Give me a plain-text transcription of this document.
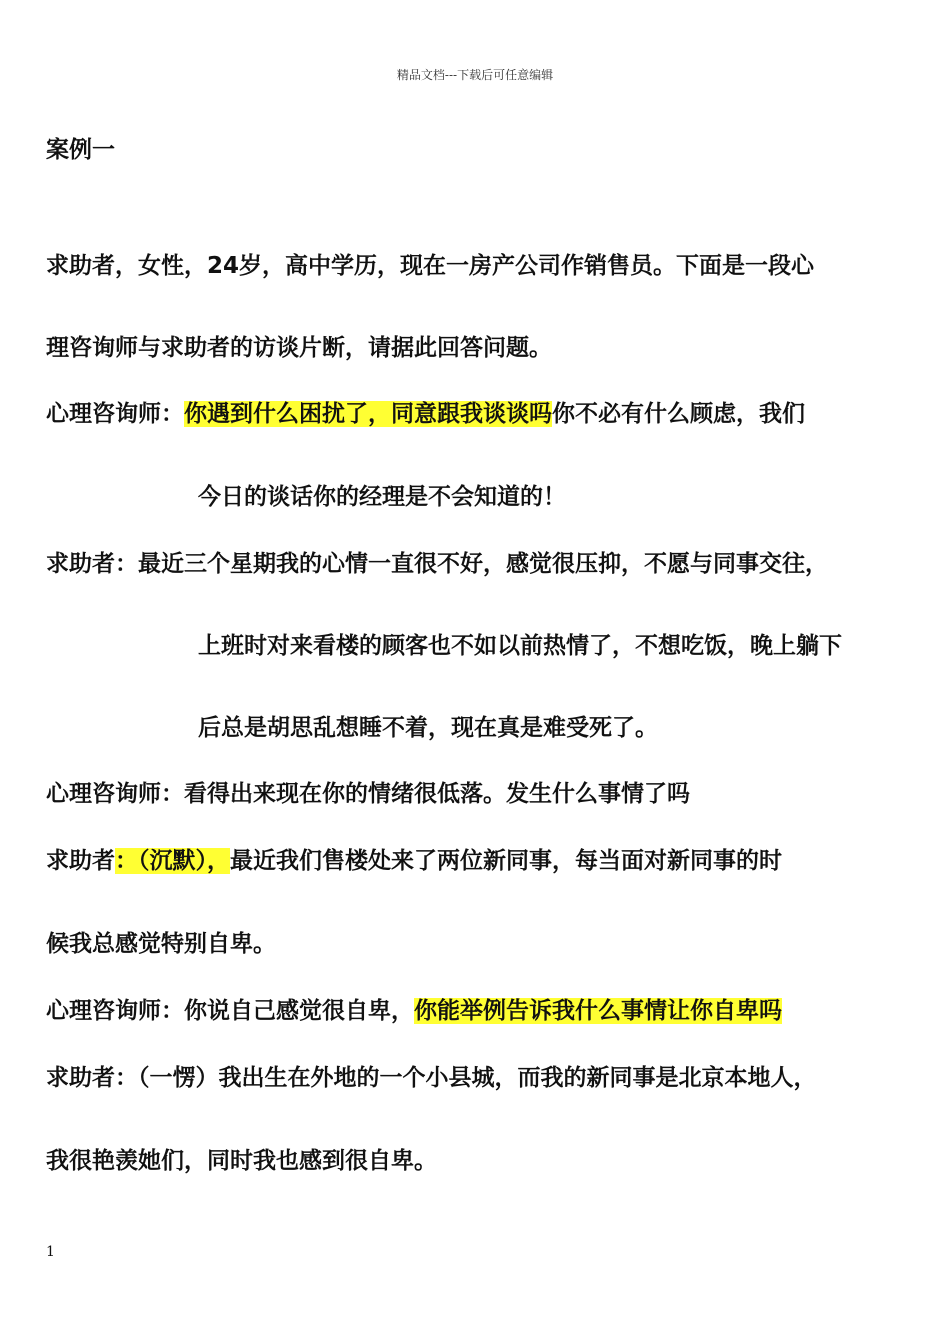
精品文档---下载后可任意编辑
案例一
求助者，女性，24岁，高中学历，现在一房产公司作销售员。下面是一段心
理咨询师与求助者的访谈片断，请据此回答问题。
心理咨询师：你遇到什么困扰了，同意跟我谈谈吗你不必有什么顾虑，我们
今日的谈话你的经理是不会知道的！
求助者：最近三个星期我的心情一直很不好，感觉很压抑，不愿与同事交往，
上班时对来看楼的顾客也不如以前热情了，不想吃饭，晚上躺下
后总是胡思乱想睡不着，现在真是难受死了。
心理咨询师：看得出来现在你的情绪很低落。发生什么事情了吗
求助者：（沉默），最近我们售楼处来了两位新同事，每当面对新同事的时
候我总感觉特别自卑。
心理咨询师：你说自己感觉很自卑，你能举例告诉我什么事情让你自卑吗
求助者：（一愣）我出生在外地的一个小县城，而我的新同事是北京本地人，
我很艳羡她们，同时我也感到很自卑。
1
